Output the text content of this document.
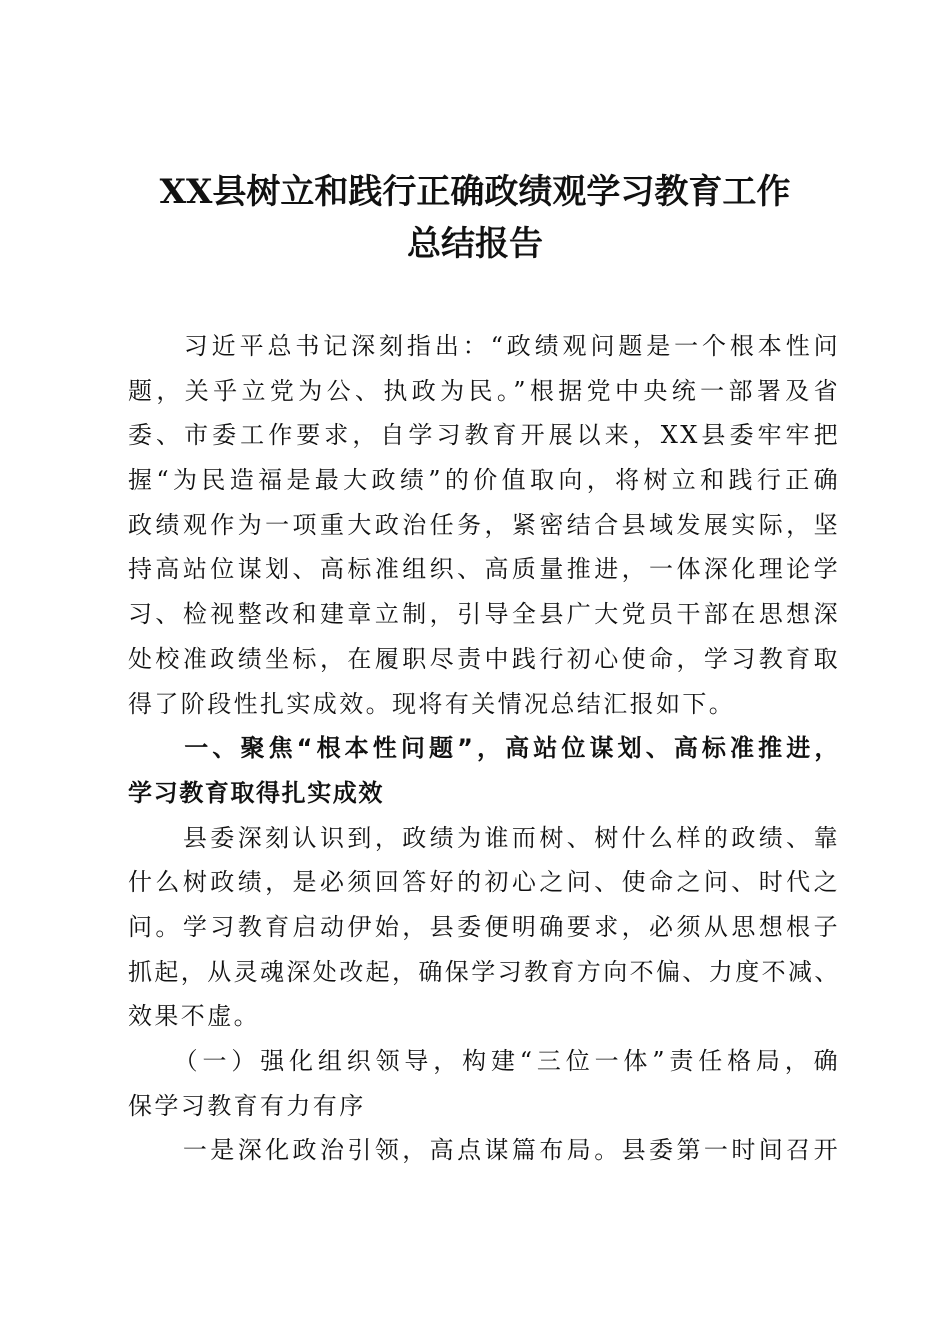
XX县树立和践行正确政绩观学习教育工作
总结报告
　　习近平总书记深刻指出：“政绩观问题是一个根本性问
题，关乎立党为公、执政为民。”根据党中央统一部署及省
委、市委工作要求，自学习教育开展以来，XX县委牢牢把
握“为民造福是最大政绩”的价值取向，将树立和践行正确
政绩观作为一项重大政治任务，紧密结合县域发展实际，坚
持高站位谋划、高标准组织、高质量推进，一体深化理论学
习、检视整改和建章立制，引导全县广大党员干部在思想深
处校准政绩坐标，在履职尽责中践行初心使命，学习教育取
得了阶段性扎实成效。现将有关情况总结汇报如下。
　　一、聚焦“根本性问题”，高站位谋划、高标准推进，
学习教育取得扎实成效
　　县委深刻认识到，政绩为谁而树、树什么样的政绩、靠
什么树政绩，是必须回答好的初心之问、使命之问、时代之
问。学习教育启动伊始，县委便明确要求，必须从思想根子
抓起，从灵魂深处改起，确保学习教育方向不偏、力度不减、
效果不虚。
　　（一）强化组织领导，构建“三位一体”责任格局，确
保学习教育有力有序
　　一是深化政治引领，高点谋篇布局。县委第一时间召开
